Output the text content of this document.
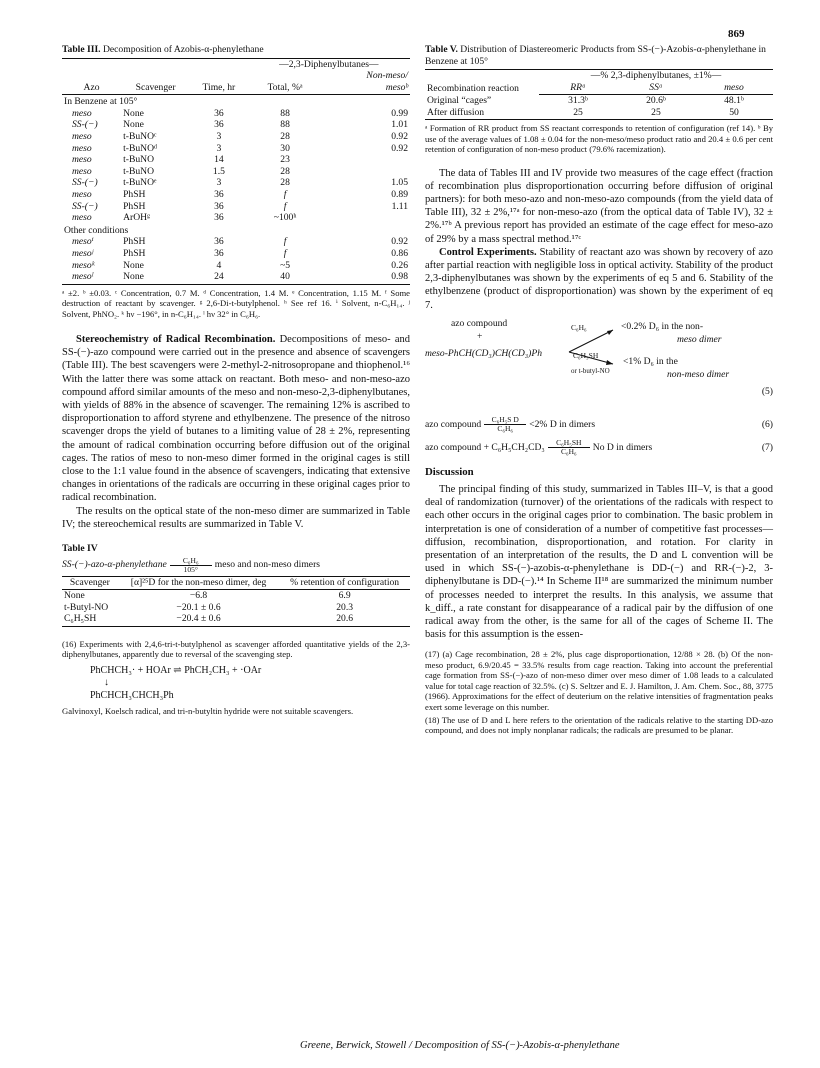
869
Table III. Decomposition of Azobis-α-phenylethane
			—2,3-Diphenylbutanes—	
				Non-meso/
Azo	Scavenger	Time, hr	Total, %ᵃ	mesoᵇ
In Benzene at 105°				
meso	None	36	88	0.99
SS-(−)	None	36	88	1.01
meso	t-BuNOᶜ	3	28	0.92
meso	t-BuNOᵈ	3	30	0.92
meso	t-BuNO	14	23	
meso	t-BuNO	1.5	28	
SS-(−)	t-BuNOᵉ	3	28	1.05
meso	PhSH	36	f	0.89
SS-(−)	PhSH	36	f	1.11
meso	ArOHᵍ	36	~100ʰ	
Other conditions				
mesoⁱ	PhSH	36	f	0.92
mesoʲ	PhSH	36	f	0.86
mesoᵏ	None	4	~5	0.26
mesoˡ	None	24	40	0.98
ᵃ ±2. ᵇ ±0.03. ᶜ Concentration, 0.7 M. ᵈ Concentration, 1.4 M. ᵉ Concentration, 1.15 M. ᶠ Some destruction of reactant by scavenger. ᵍ 2,6-Di-t-butylphenol. ʰ See ref 16. ⁱ Solvent, n-C₆H₁₄. ʲ Solvent, PhNO₂. ᵏ hν −196°, in n-C₆H₁₄. ˡ hν 32° in C₆H₆.

Stereochemistry of Radical Recombination. Decompositions of meso- and SS-(−)-azo compound were carried out in the presence and absence of scavengers (Table III). The best scavengers were 2-methyl-2-nitrosopropane and thiophenol.¹⁶ With the latter there was some attack on reactant. Both meso- and non-meso-azo compound afford similar amounts of the meso and non-meso-2,3-diphenylbutanes, with yields of 88% in the absence of scavenger. The remaining 12% is ascribed to disproportionation to afford styrene and ethylbenzene. The presence of the nitroso scavenger drops the yield of butanes to a limiting value of 28 ± 2%, representing the amount of radical combination occurring before diffusion out of the original cages. The ratios of meso to non-meso dimer formed in the original cages is still close to the 1:1 value found in the absence of scavengers, indicating that extensive changes in orientations of the radicals are occurring in these original cages prior to radical recombination.

The results on the optical state of the non-meso dimer are summarized in Table IV; the stereochemical results are summarized in Table V.

Table IV
SS-(−)-azo-α-phenylethane	C₆H₆
105°	meso and non-meso dimers
Scavenger	[α]²⁵D for the non-meso dimer, deg	% retention of configuration
None	−6.8	6.9
t-Butyl-NO	−20.1 ± 0.6	20.3
C₆H₅SH	−20.4 ± 0.6	20.6
(16) Experiments with 2,4,6-tri-t-butylphenol as scavenger afforded quantitative yields of the 2,3-diphenylbutanes, apparently due to reversal of the scavenging step.
PhCHCH₃· + HOAr ⇌ PhCH₂CH₃ + ·OAr
↓
PhCHCH₃CHCH₃Ph
Galvinoxyl, Koelsch radical, and tri-n-butyltin hydride were not suitable scavengers.
Table V. Distribution of Diastereomeric Products from SS-(−)-Azobis-α-phenylethane in Benzene at 105°
Recombination reaction	—% 2,3-diphenylbutanes, ±1%—		
	RRᵃ	SSᵃ	meso
Original “cages”	31.3ᵇ	20.6ᵇ	48.1ᵇ
After diffusion	25	25	50
ᵃ Formation of RR product from SS reactant corresponds to retention of configuration (ref 14). ᵇ By use of the average values of 1.08 ± 0.04 for the non-meso/meso product ratio and 20.4 ± 0.6 per cent retention of configuration of non-meso product (79.6% racemization).

The data of Tables III and IV provide two measures of the cage effect (fraction of recombination plus disproportionation occurring before diffusion of original partners): for both meso-azo and non-meso-azo compounds (from the yield data of Table III), 32 ± 2%,¹⁷ᵃ for non-meso-azo (from the optical data of Table IV), 32 ± 2%.¹⁷ᵇ A previous report has provided an estimate of the cage effect for meso-azo of 29% by a mass spectral method.¹⁷ᶜ

Control Experiments. Stability of reactant azo was shown by recovery of azo after partial reaction with negligible loss in optical activity. Stability of the product 2,3-diphenylbutanes was shown by the experiments of eq 5 and 6. Stability of the ethylbenzene (product of disproportionation) was shown by the experiment of eq 7.

azo compound
+
meso-PhCH(CD₃)CH(CD₃)Ph
C₆H₆	<0.2% D₆ in the non-
meso dimer
C₆H₅SH
or t-butyl-NO
<1% D₆ in the
non-meso dimer
(5)
azo compound	C₆H₅S D
C₆H₆	<2% D in dimers	(6)
azo compound + C₆H₅CH₂CD₃	C₆H₅SH
C₆H₆	No D in dimers	(7)
Discussion

The principal finding of this study, summarized in Tables III–V, is that a good deal of randomization (turnover) of the orientations of the radicals with respect to each other occurs in the original cages prior to combination. The basic problem in interpretation is one of consideration of a number of competitive fast processes—diffusion, recombination, disproportionation, and rotation. For clarity in presentation of an interpretation of the results, the D and L convention will be used in which SS-(−)-azobis-α-phenylethane is DD-(−) and RR-(−)-2, 3-diphenylbutane is DD-(−).¹⁴ In Scheme II¹⁸ are summarized the minimum number of processes needed to interpret the results. In this analysis, we assume that k_diff., a rate constant for disappearance of a radical pair by the diffusion of one radical away from the other, is the same for all of the cages of Scheme II. The basis for this assumption is the essen-

(17) (a) Cage recombination, 28 ± 2%, plus cage disproportionation, 12/88 × 28. (b) Of the non-meso product, 6.9/20.45 = 33.5% results from cage reaction. Taking into account the preferential cage formation from SS-(−)-azo of non-meso dimer over meso dimer of 1.08 leads to a calculated value for total cage reaction of 32.5%. (c) S. Seltzer and E. J. Hamilton, J. Am. Chem. Soc., 88, 3775 (1966). Approximations for the effect of deuterium on the relative intensities of fragmentation peaks exert some leverage on this number.
(18) The use of D and L here refers to the orientation of the radicals relative to the starting DD-azo compound, and does not imply nonplanar radicals; the radicals are presumed to be planar.
Greene, Berwick, Stowell / Decomposition of SS-(−)-Azobis-α-phenylethane
